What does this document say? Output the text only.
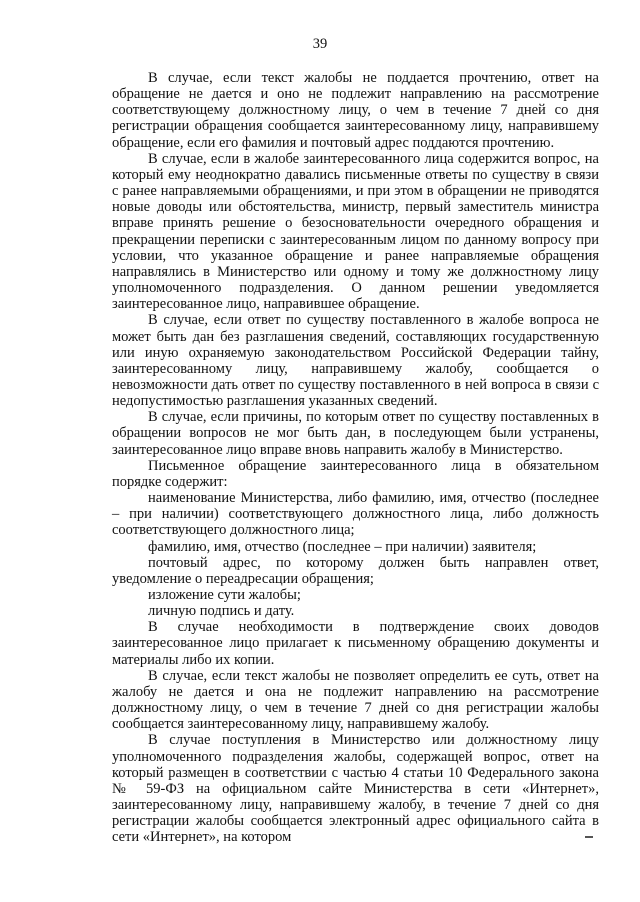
39

В случае, если текст жалобы не поддается прочтению, ответ на обращение не дается и оно не подлежит направлению на рассмотрение соответствующему должностному лицу, о чем в течение 7 дней со дня регистрации обращения сообщается заинтересованному лицу, направившему обращение, если его фамилия и почтовый адрес поддаются прочтению.

В случае, если в жалобе заинтересованного лица содержится вопрос, на который ему неоднократно давались письменные ответы по существу в связи с ранее направляемыми обращениями, и при этом в обращении не приводятся новые доводы или обстоятельства, министр, первый заместитель министра вправе принять решение о безосновательности очередного обращения и прекращении переписки с заинтересованным лицом по данному вопросу при условии, что указанное обращение и ранее направляемые обращения направлялись в Министерство или одному и тому же должностному лицу уполномоченного подразделения. О данном решении уведомляется заинтересованное лицо, направившее обращение.

В случае, если ответ по существу поставленного в жалобе вопроса не может быть дан без разглашения сведений, составляющих государственную или иную охраняемую законодательством Российской Федерации тайну, заинтересованному лицу, направившему жалобу, сообщается о невозможности дать ответ по существу поставленного в ней вопроса в связи с недопустимостью разглашения указанных сведений.

В случае, если причины, по которым ответ по существу поставленных в обращении вопросов не мог быть дан, в последующем были устранены, заинтересованное лицо вправе вновь направить жалобу в Министерство.

Письменное обращение заинтересованного лица в обязательном порядке содержит:

наименование Министерства, либо фамилию, имя, отчество (последнее – при наличии) соответствующего должностного лица, либо должность соответствующего должностного лица;

фамилию, имя, отчество (последнее – при наличии) заявителя;

почтовый адрес, по которому должен быть направлен ответ, уведомление о переадресации обращения;

изложение сути жалобы;

личную подпись и дату.

В случае необходимости в подтверждение своих доводов заинтересованное лицо прилагает к письменному обращению документы и материалы либо их копии.

В случае, если текст жалобы не позволяет определить ее суть, ответ на жалобу не дается и она не подлежит направлению на рассмотрение должностному лицу, о чем в течение 7 дней со дня регистрации жалобы сообщается заинтересованному лицу, направившему жалобу.

В случае поступления в Министерство или должностному лицу уполномоченного подразделения жалобы, содержащей вопрос, ответ на который размещен в соответствии с частью 4 статьи 10 Федерального закона № 59-ФЗ на официальном сайте Министерства в сети «Интернет», заинтересованному лицу, направившему жалобу, в течение 7 дней со дня регистрации жалобы сообщается электронный адрес официального сайта в сети «Интернет», на котором
